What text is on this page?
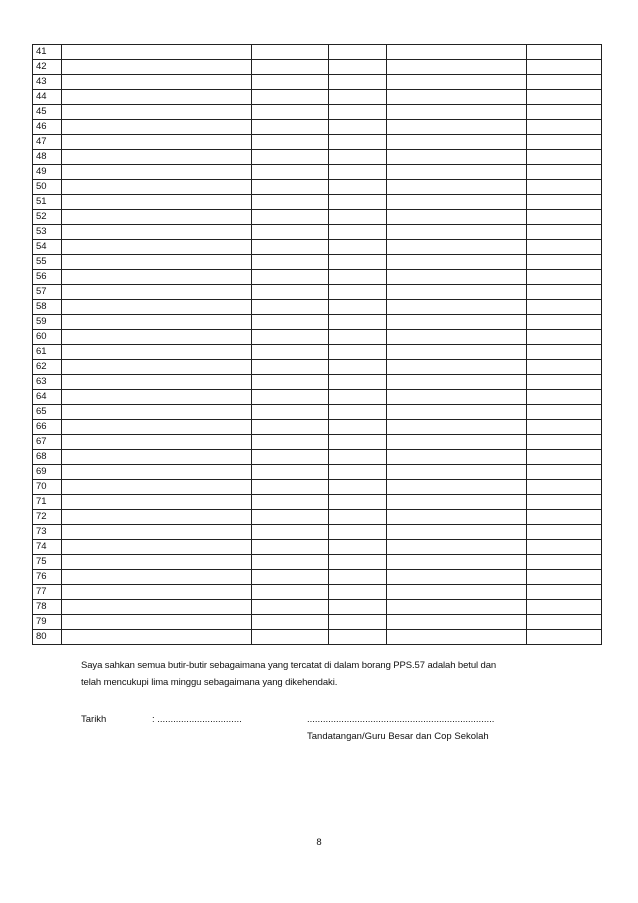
41					
42					
43					
44					
45					
46					
47					
48					
49					
50					
51					
52					
53					
54					
55					
56					
57					
58					
59					
60					
61					
62					
63					
64					
65					
66					
67					
68					
69					
70					
71					
72					
73					
74					
75					
76					
77					
78					
79					
80					
Saya sahkan semua butir-butir sebagaimana yang tercatat di dalam borang PPS.57 adalah betul dan
telah mencukupi lima minggu sebagaimana yang dikehendaki.
Tarikh	: ................................	.......................................................................
Tandatangan/Guru Besar dan Cop Sekolah
8
